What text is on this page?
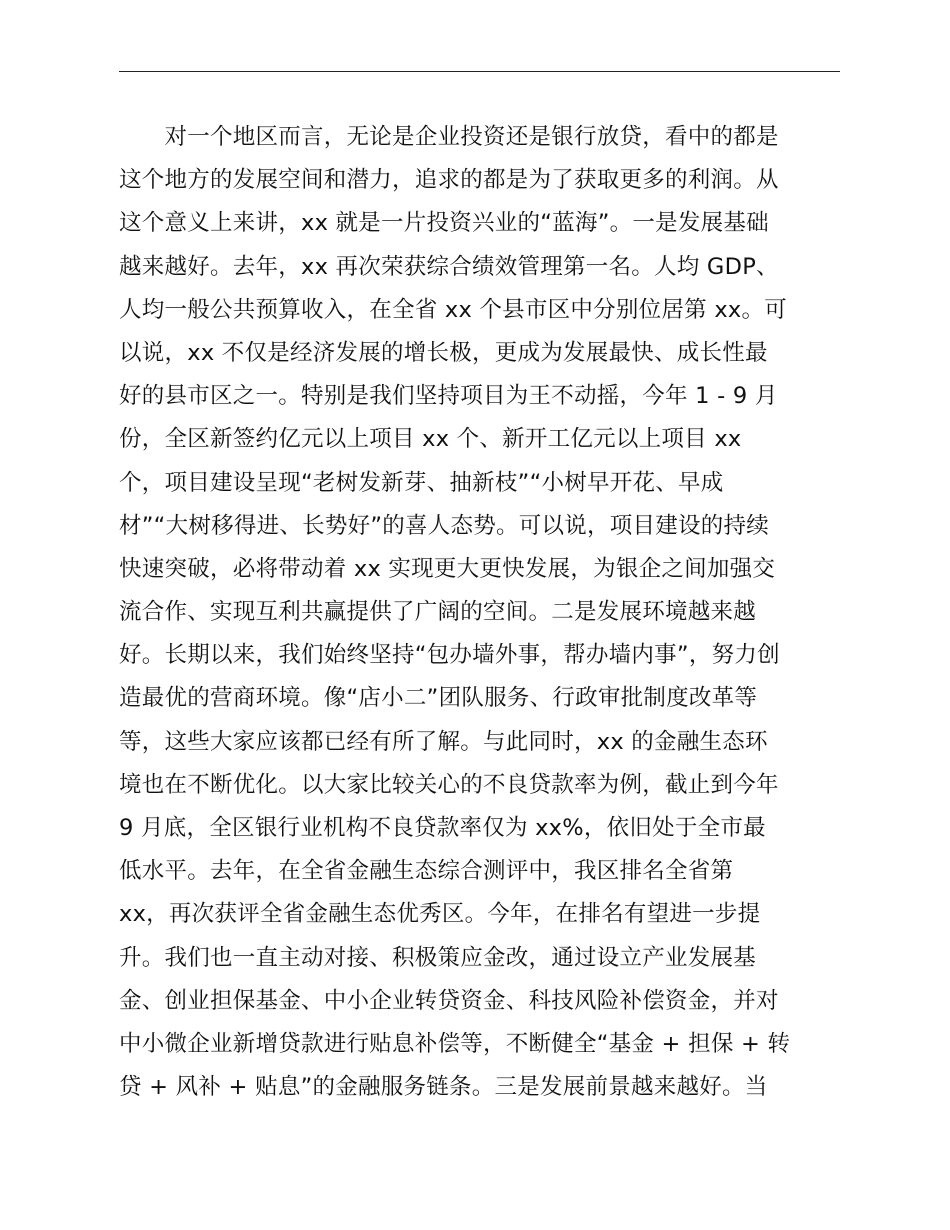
　　对一个地区而言，无论是企业投资还是银行放贷，看中的都是
这个地方的发展空间和潜力，追求的都是为了获取更多的利润。从
这个意义上来讲，xx 就是一片投资兴业的“蓝海”。一是发展基础
越来越好。去年，xx 再次荣获综合绩效管理第一名。人均 GDP、
人均一般公共预算收入，在全省 xx 个县市区中分别位居第 xx。可
以说，xx 不仅是经济发展的增长极，更成为发展最快、成长性最
好的县市区之一。特别是我们坚持项目为王不动摇，今年 1 - 9 月
份，全区新签约亿元以上项目 xx 个、新开工亿元以上项目 xx
个，项目建设呈现“老树发新芽、抽新枝”“小树早开花、早成
材”“大树移得进、长势好”的喜人态势。可以说，项目建设的持续
快速突破，必将带动着 xx 实现更大更快发展，为银企之间加强交
流合作、实现互利共赢提供了广阔的空间。二是发展环境越来越
好。长期以来，我们始终坚持“包办墙外事，帮办墙内事”，努力创
造最优的营商环境。像“店小二”团队服务、行政审批制度改革等
等，这些大家应该都已经有所了解。与此同时，xx 的金融生态环
境也在不断优化。以大家比较关心的不良贷款率为例，截止到今年
9 月底，全区银行业机构不良贷款率仅为 xx%，依旧处于全市最
低水平。去年，在全省金融生态综合测评中，我区排名全省第
xx，再次获评全省金融生态优秀区。今年，在排名有望进一步提
升。我们也一直主动对接、积极策应金改，通过设立产业发展基
金、创业担保基金、中小企业转贷资金、科技风险补偿资金，并对
中小微企业新增贷款进行贴息补偿等，不断健全“基金 + 担保 + 转
贷 + 风补 + 贴息”的金融服务链条。三是发展前景越来越好。当
